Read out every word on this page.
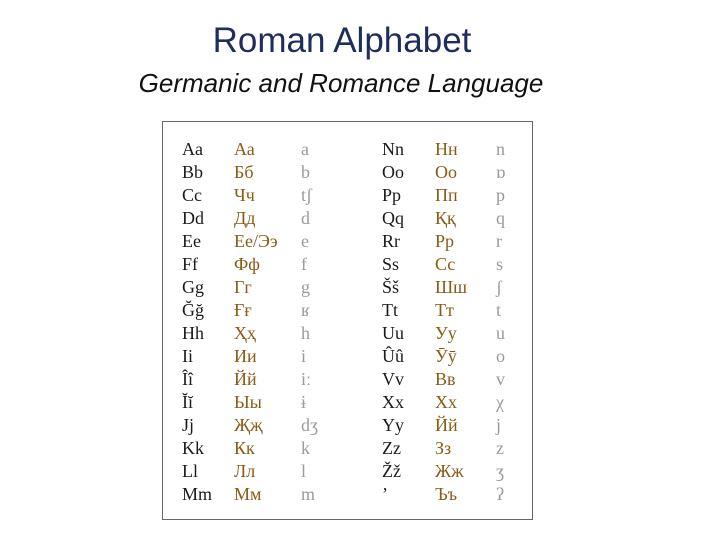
Roman Alphabet
Germanic and Romance Language
Aa
Bb
Cc
Dd
Ee
Ff
Gg
Ğğ
Hh
Ii
Îî
Ĭĭ
Jj
Kk
Ll
Mm
Аа
Бб
Чч
Дд
Ее/Ээ
Фф
Гг
Ғғ
Ҳҳ
Ии
Йй
Ыы
Җҗ
Кк
Лл
Мм
a
b
tʃ
d
e
f
g
ʁ
h
i
iː
ɨ
dʒ
k
l
m
Nn
Oo
Pp
Qq
Rr
Ss
Šš
Tt
Uu
Ûû
Vv
Xx
Yy
Zz
Žž
’
Нн
Оо
Пп
Ққ
Рр
Сс
Шш
Тт
Уу
Ӯӯ
Вв
Хх
Йй
Зз
Жж
Ъъ
n
ɒ
p
q
r
s
ʃ
t
u
o
v
χ
j
z
ʒ
ʔ
